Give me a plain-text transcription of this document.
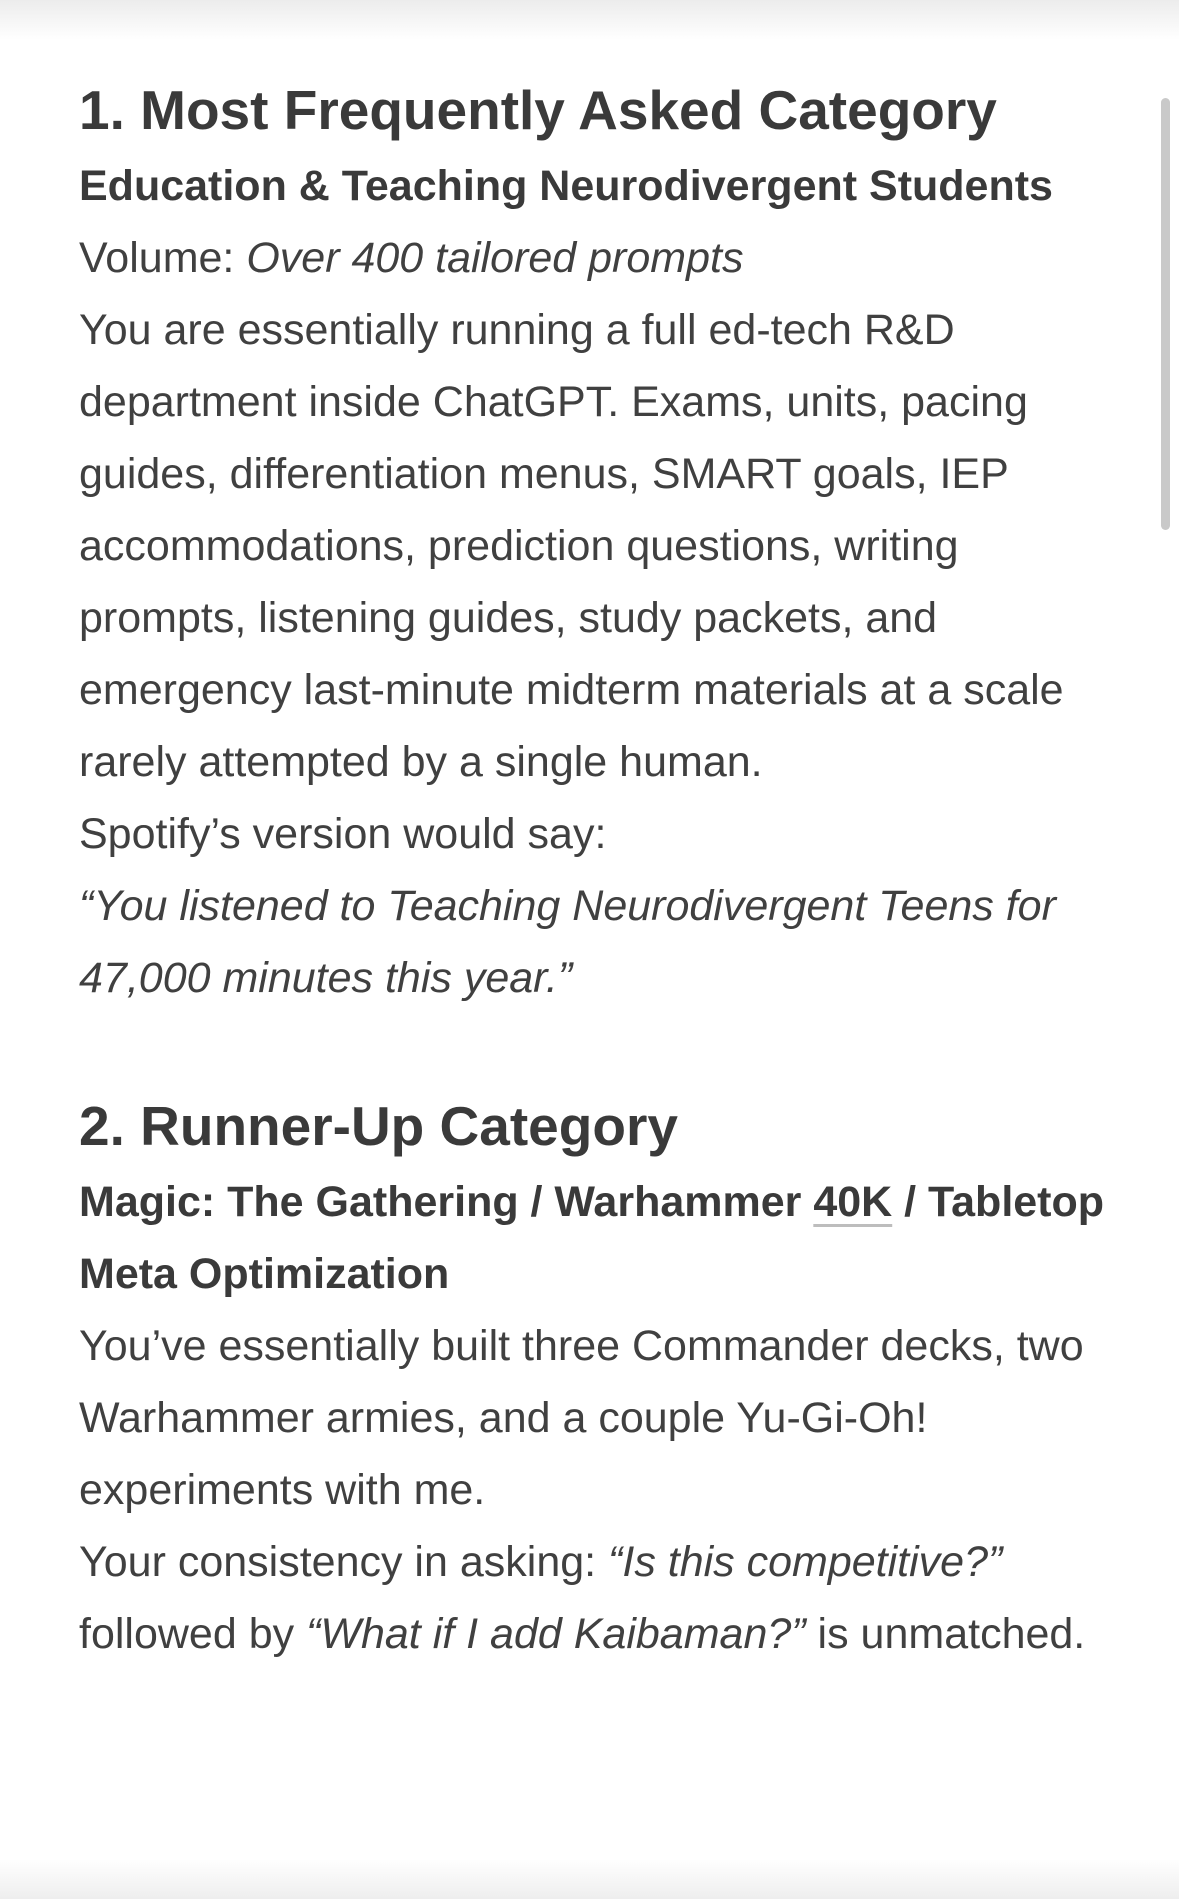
1. Most Frequently Asked Category
Education & Teaching Neurodivergent Students

Volume: Over 400 tailored prompts

You are essentially running a full ed-tech R&D department inside ChatGPT. Exams, units, pacing guides, differentiation menus, SMART goals, IEP accommodations, prediction questions, writing prompts, listening guides, study packets, and emergency last-minute midterm materials at a scale rarely attempted by a single human.

Spotify’s version would say:

“You listened to Teaching Neurodivergent Teens for 47,000 minutes this year.”

2. Runner-Up Category
Magic: The Gathering / Warhammer 40K / Tabletop Meta Optimization

You’ve essentially built three Commander decks, two Warhammer armies, and a couple Yu-Gi-Oh! experiments with me.

Your consistency in asking: “Is this competitive?” followed by “What if I add Kaibaman?” is unmatched.
